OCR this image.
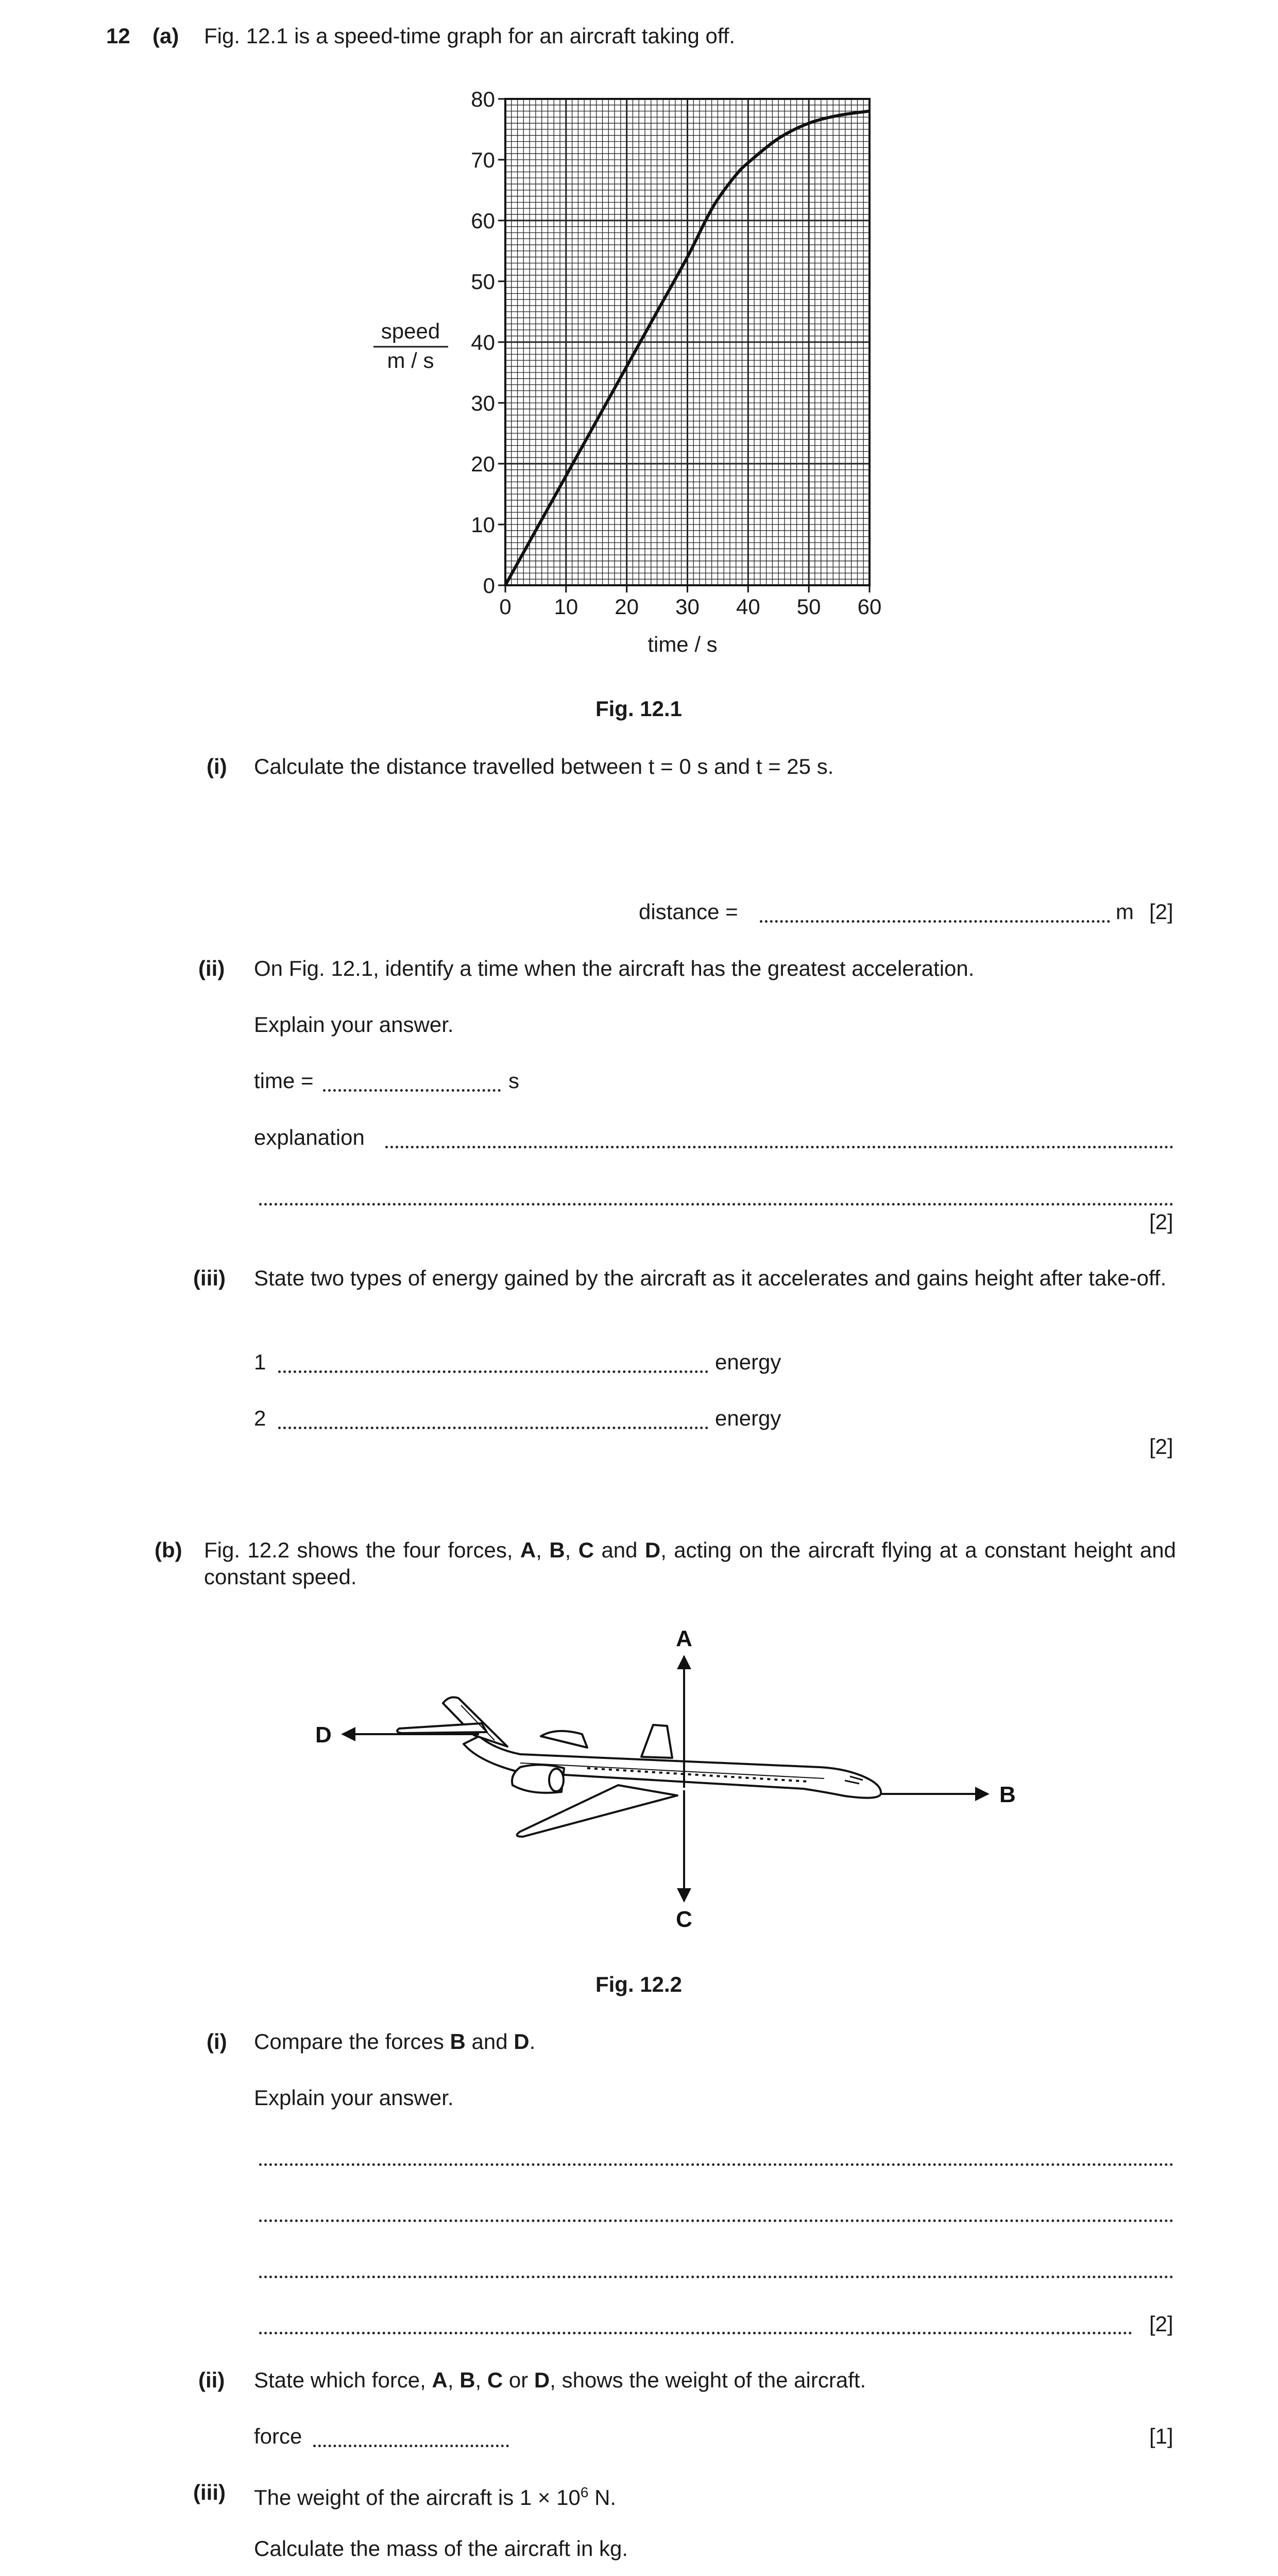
12 (a) Fig. 12.1 is a speed-time graph for an aircraft taking off.
0 10 20 30 40 50 60
0
10
20
30
40
50
60
70
80
time / s
speed
m / s
Fig. 12.1
(i) Calculate the distance travelled between t = 0 s and t = 25 s.
distance =	m [2]
(ii) On Fig. 12.1, identify a time when the aircraft has the greatest acceleration.
Explain your answer.
time =	s
explanation
[2]
(iii) State two types of energy gained by the aircraft as it accelerates and gains height after take-off.
1	energy
2	energy
[2]
(b) Fig. 12.2 shows the four forces, A, B, C and D, acting on the aircraft flying at a constant height and constant speed.
A
B
C
D
Fig. 12.2
(i) Compare the forces B and D.
Explain your answer.
[2]
(ii) State which force, A, B, C or D, shows the weight of the aircraft.
force	[1]
(iii) The weight of the aircraft is $1 \times 10^6$ N.
Calculate the mass of the aircraft in kg.
